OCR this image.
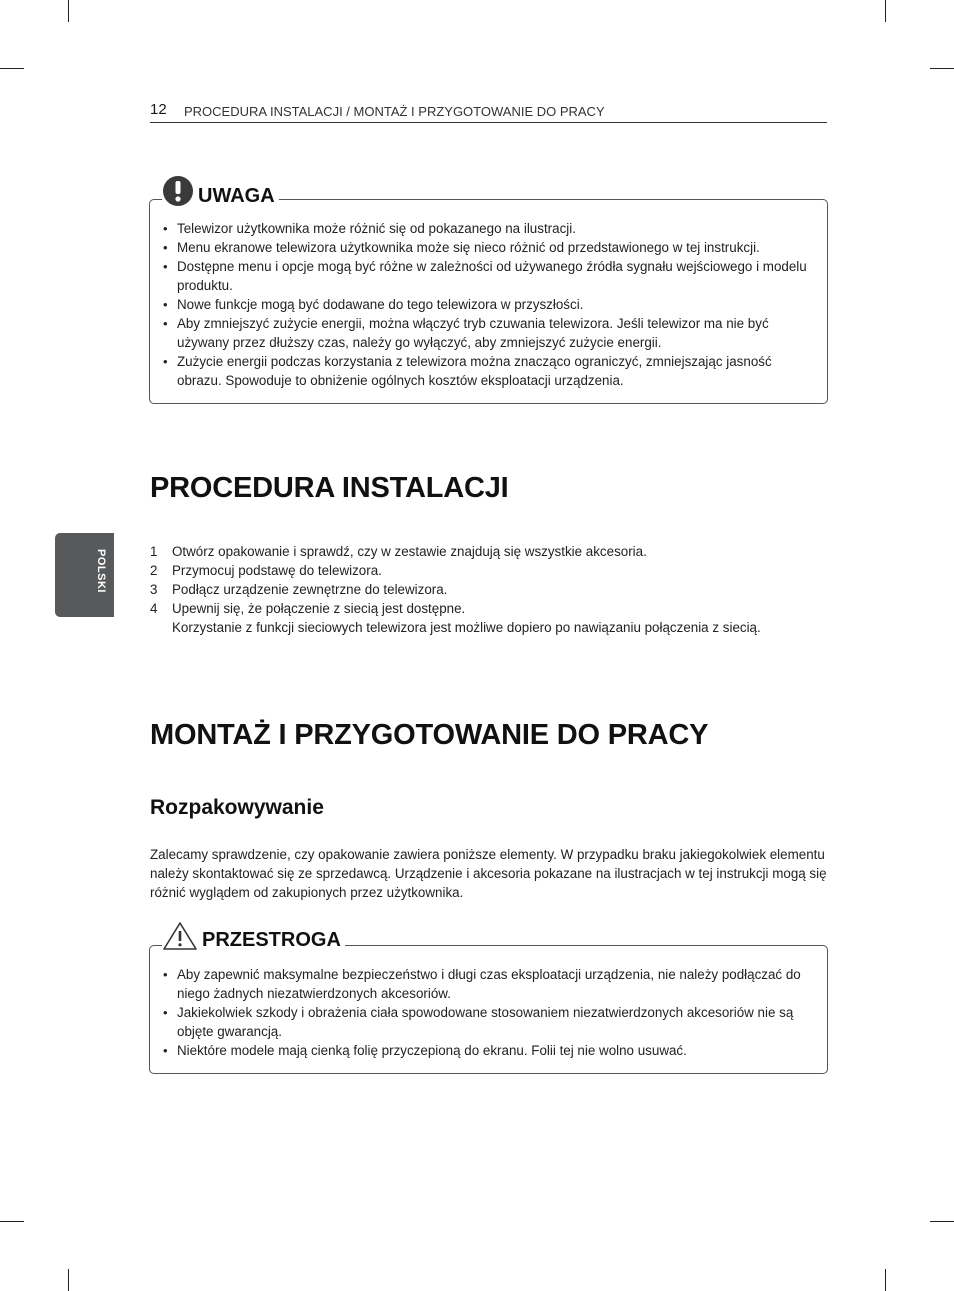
12 PROCEDURA INSTALACJI / MONTAŻ I PRZYGOTOWANIE DO PRACY
POLSKI
UWAGA
• Telewizor użytkownika może różnić się od pokazanego na ilustracji.
• Menu ekranowe telewizora użytkownika może się nieco różnić od przedstawionego w tej instrukcji.
• Dostępne menu i opcje mogą być różne w zależności od używanego źródła sygnału wejściowego i modelu produktu.
• Nowe funkcje mogą być dodawane do tego telewizora w przyszłości.
• Aby zmniejszyć zużycie energii, można włączyć tryb czuwania telewizora. Jeśli telewizor ma nie być używany przez dłuższy czas, należy go wyłączyć, aby zmniejszyć zużycie energii.
• Zużycie energii podczas korzystania z telewizora można znacząco ograniczyć, zmniejszając jasność obrazu. Spowoduje to obniżenie ogólnych kosztów eksploatacji urządzenia.
PROCEDURA INSTALACJI
1 Otwórz opakowanie i sprawdź, czy w zestawie znajdują się wszystkie akcesoria.
2 Przymocuj podstawę do telewizora.
3 Podłącz urządzenie zewnętrzne do telewizora.
4 Upewnij się, że połączenie z siecią jest dostępne.
Korzystanie z funkcji sieciowych telewizora jest możliwe dopiero po nawiązaniu połączenia z siecią.
MONTAŻ I PRZYGOTOWANIE DO PRACY
Rozpakowywanie

Zalecamy sprawdzenie, czy opakowanie zawiera poniższe elementy. W przypadku braku jakiegokolwiek elementu należy skontaktować się ze sprzedawcą. Urządzenie i akcesoria pokazane na ilustracjach w tej instrukcji mogą się różnić wyglądem od zakupionych przez użytkownika.

PRZESTROGA
• Aby zapewnić maksymalne bezpieczeństwo i długi czas eksploatacji urządzenia, nie należy podłączać do niego żadnych niezatwierdzonych akcesoriów.
• Jakiekolwiek szkody i obrażenia ciała spowodowane stosowaniem niezatwierdzonych akcesoriów nie są objęte gwarancją.
• Niektóre modele mają cienką folię przyczepioną do ekranu. Folii tej nie wolno usuwać.
